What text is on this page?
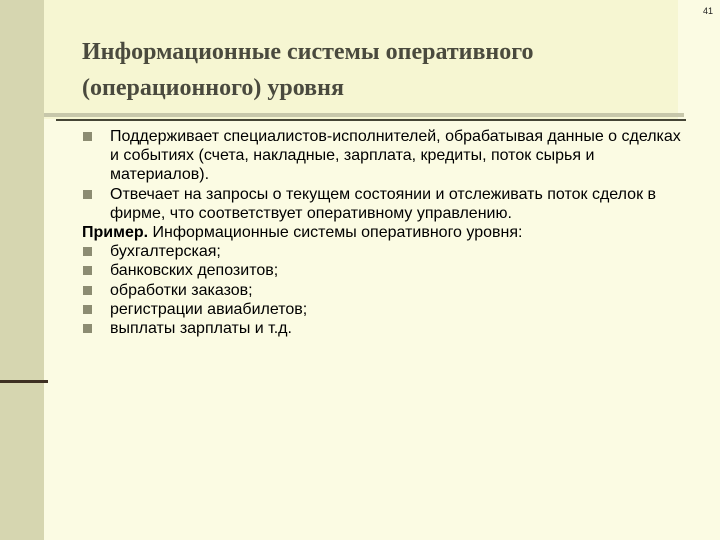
41
Информационные системы оперативного (операционного) уровня

Поддерживает специалистов-исполнителей, обрабатывая данные о сделках и событиях (счета, накладные, зарплата, кредиты, поток сырья и материалов).

Отвечает на запросы о текущем состоянии и отслеживать поток сделок в фирме, что соответствует оперативному управлению.

Пример. Информационные системы оперативного уровня:

бухгалтерская;

банковских депозитов;

обработки заказов;

регистрации авиабилетов;

выплаты зарплаты и т.д.
